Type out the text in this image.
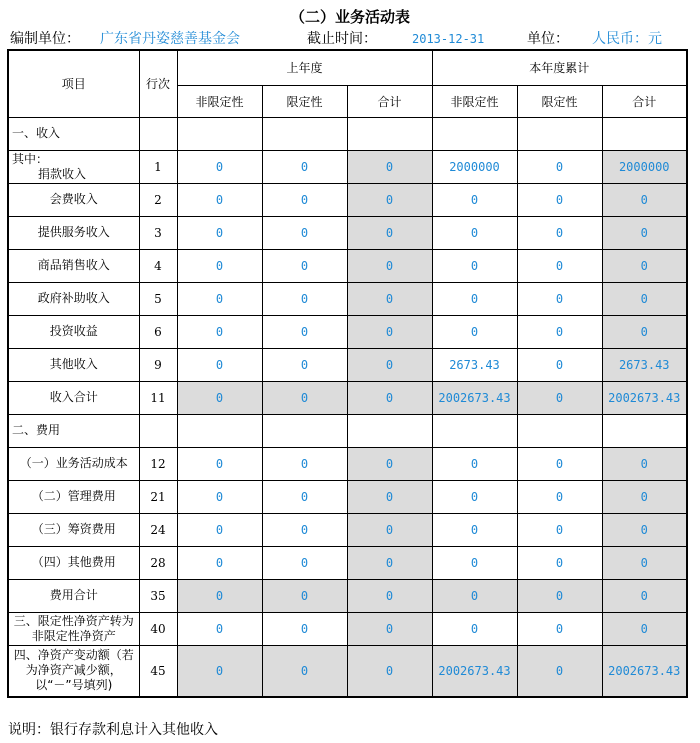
（二）业务活动表
编制单位： 广东省丹姿慈善基金会	截止时间：	2013-12-31	单位： 人民币：元
项目	行次	上年度			本年度累计		
		非限定性	限定性	合计	非限定性	限定性	合计
一、收入							

其中：
捐款收入	1	0	0	0	2000000	0	2000000
会费收入	2	0	0	0	0	0	0
提供服务收入	3	0	0	0	0	0	0
商品销售收入	4	0	0	0	0	0	0
政府补助收入	5	0	0	0	0	0	0
投资收益	6	0	0	0	0	0	0
其他收入	9	0	0	0	2673.43	0	2673.43
收入合计	11	0	0	0	2002673.43	0	2002673.43
二、费用							
（一）业务活动成本	12	0	0	0	0	0	0
（二）管理费用	21	0	0	0	0	0	0
（三）筹资费用	24	0	0	0	0	0	0
（四）其他费用	28	0	0	0	0	0	0
费用合计	35	0	0	0	0	0	0
三、限定性净资产转为非限定性净资产	40	0	0	0	0	0	0
四、净资产变动额（若为净资产减少额，以“－”号填列)	45	0	0	0	2002673.43	0	2002673.43
说明：银行存款利息计入其他收入
